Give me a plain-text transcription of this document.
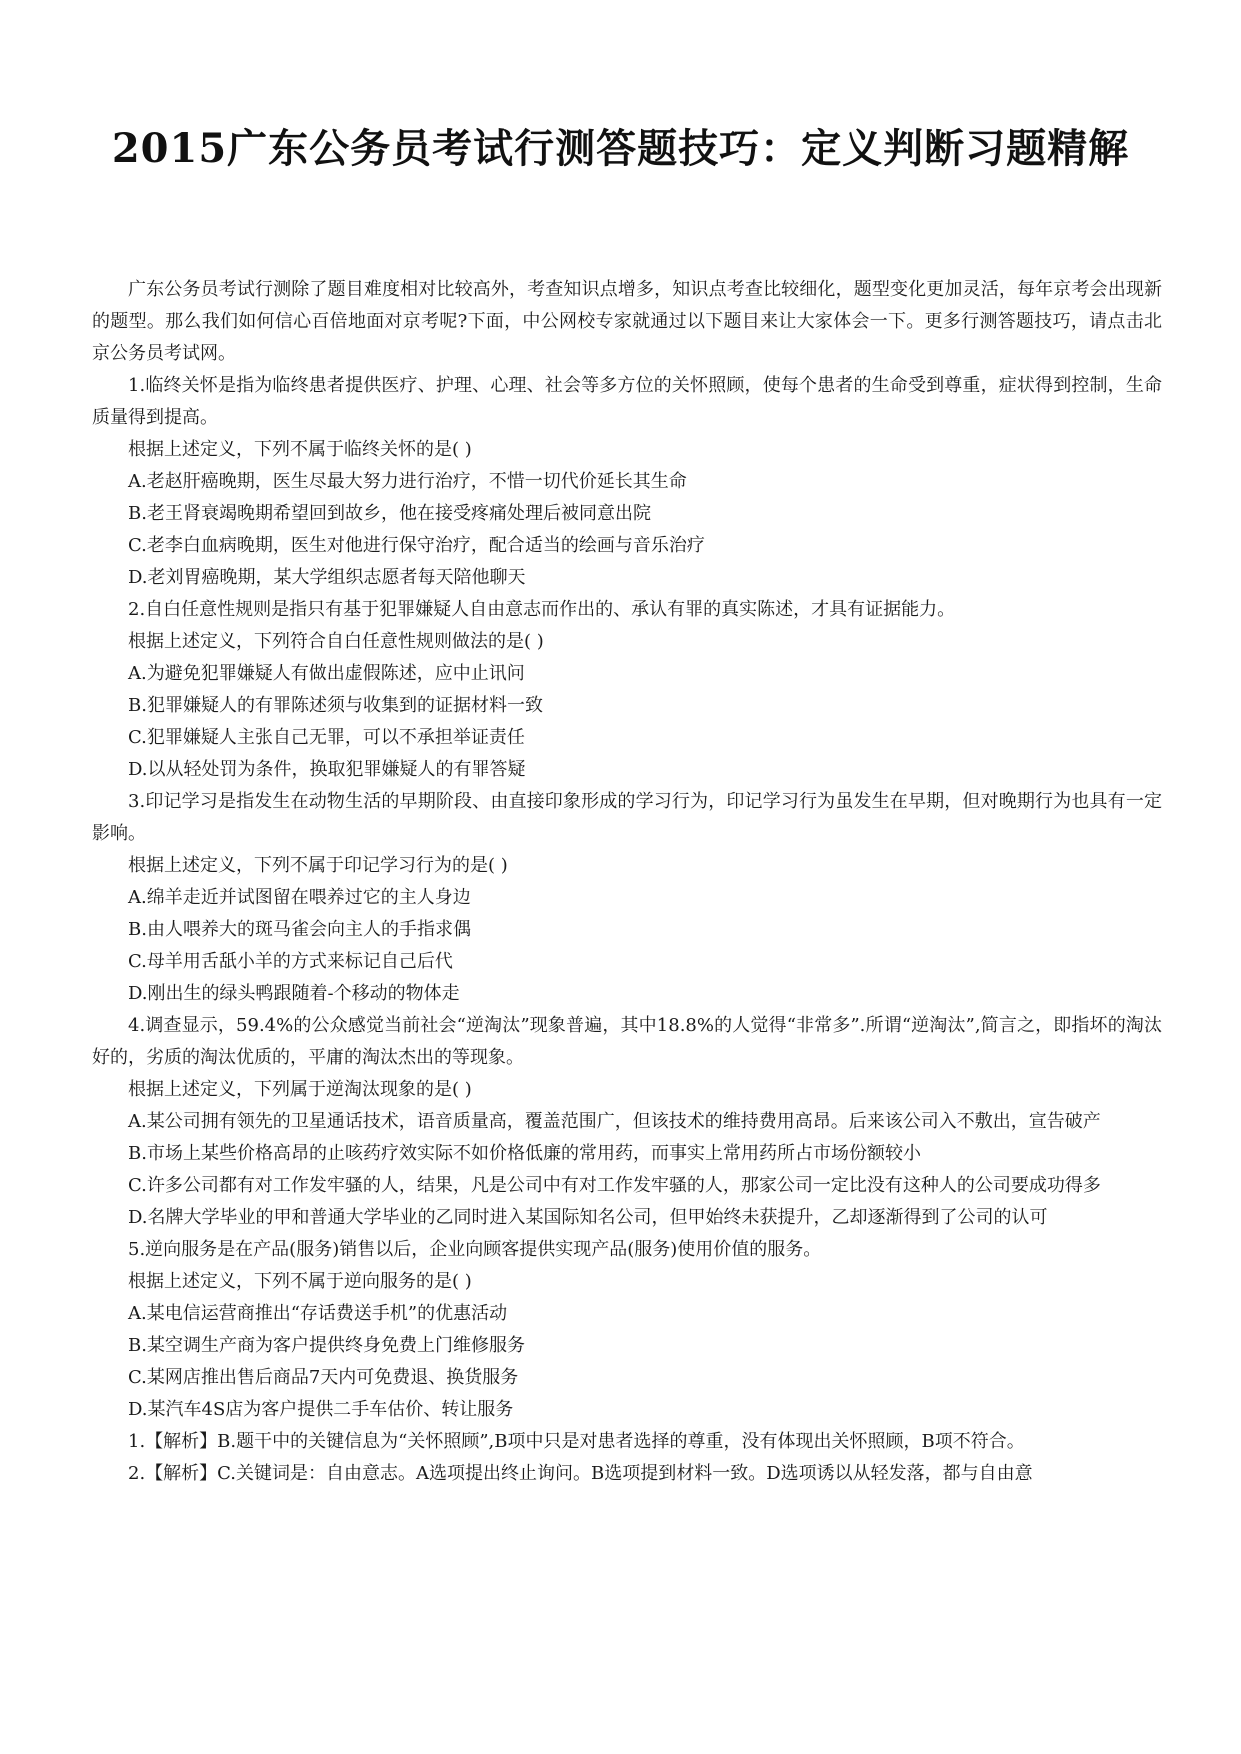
2015广东公务员考试行测答题技巧：定义判断习题精解

广东公务员考试行测除了题目难度相对比较高外，考查知识点增多，知识点考查比较细化，题型变化更加灵活，每年京考会出现新的题型。那么我们如何信心百倍地面对京考呢?下面，中公网校专家就通过以下题目来让大家体会一下。更多行测答题技巧，请点击北京公务员考试网。

1.临终关怀是指为临终患者提供医疗、护理、心理、社会等多方位的关怀照顾，使每个患者的生命受到尊重，症状得到控制，生命质量得到提高。

根据上述定义，下列不属于临终关怀的是( )

A.老赵肝癌晚期，医生尽最大努力进行治疗，不惜一切代价延长其生命

B.老王肾衰竭晚期希望回到故乡，他在接受疼痛处理后被同意出院

C.老李白血病晚期，医生对他进行保守治疗，配合适当的绘画与音乐治疗

D.老刘胃癌晚期，某大学组织志愿者每天陪他聊天

2.自白任意性规则是指只有基于犯罪嫌疑人自由意志而作出的、承认有罪的真实陈述，才具有证据能力。

根据上述定义，下列符合自白任意性规则做法的是( )

A.为避免犯罪嫌疑人有做出虚假陈述，应中止讯问

B.犯罪嫌疑人的有罪陈述须与收集到的证据材料一致

C.犯罪嫌疑人主张自己无罪，可以不承担举证责任

D.以从轻处罚为条件，换取犯罪嫌疑人的有罪答疑

3.印记学习是指发生在动物生活的早期阶段、由直接印象形成的学习行为，印记学习行为虽发生在早期，但对晚期行为也具有一定影响。

根据上述定义，下列不属于印记学习行为的是( )

A.绵羊走近并试图留在喂养过它的主人身边

B.由人喂养大的斑马雀会向主人的手指求偶

C.母羊用舌舐小羊的方式来标记自己后代

D.刚出生的绿头鸭跟随着-个移动的物体走

4.调查显示，59.4%的公众感觉当前社会“逆淘汰”现象普遍，其中18.8%的人觉得“非常多”.所谓“逆淘汰”,简言之，即指坏的淘汰好的，劣质的淘汰优质的，平庸的淘汰杰出的等现象。

根据上述定义，下列属于逆淘汰现象的是( )

A.某公司拥有领先的卫星通话技术，语音质量高，覆盖范围广，但该技术的维持费用高昂。后来该公司入不敷出，宣告破产

B.市场上某些价格高昂的止咳药疗效实际不如价格低廉的常用药，而事实上常用药所占市场份额较小

C.许多公司都有对工作发牢骚的人，结果，凡是公司中有对工作发牢骚的人，那家公司一定比没有这种人的公司要成功得多

D.名牌大学毕业的甲和普通大学毕业的乙同时进入某国际知名公司，但甲始终未获提升，乙却逐渐得到了公司的认可

5.逆向服务是在产品(服务)销售以后，企业向顾客提供实现产品(服务)使用价值的服务。

根据上述定义，下列不属于逆向服务的是( )

A.某电信运营商推出“存话费送手机”的优惠活动

B.某空调生产商为客户提供终身免费上门维修服务

C.某网店推出售后商品7天内可免费退、换货服务

D.某汽车4S店为客户提供二手车估价、转让服务

1.【解析】B.题干中的关键信息为“关怀照顾”,B项中只是对患者选择的尊重，没有体现出关怀照顾，B项不符合。

2.【解析】C.关键词是：自由意志。A选项提出终止询问。B选项提到材料一致。D选项诱以从轻发落，都与自由意
